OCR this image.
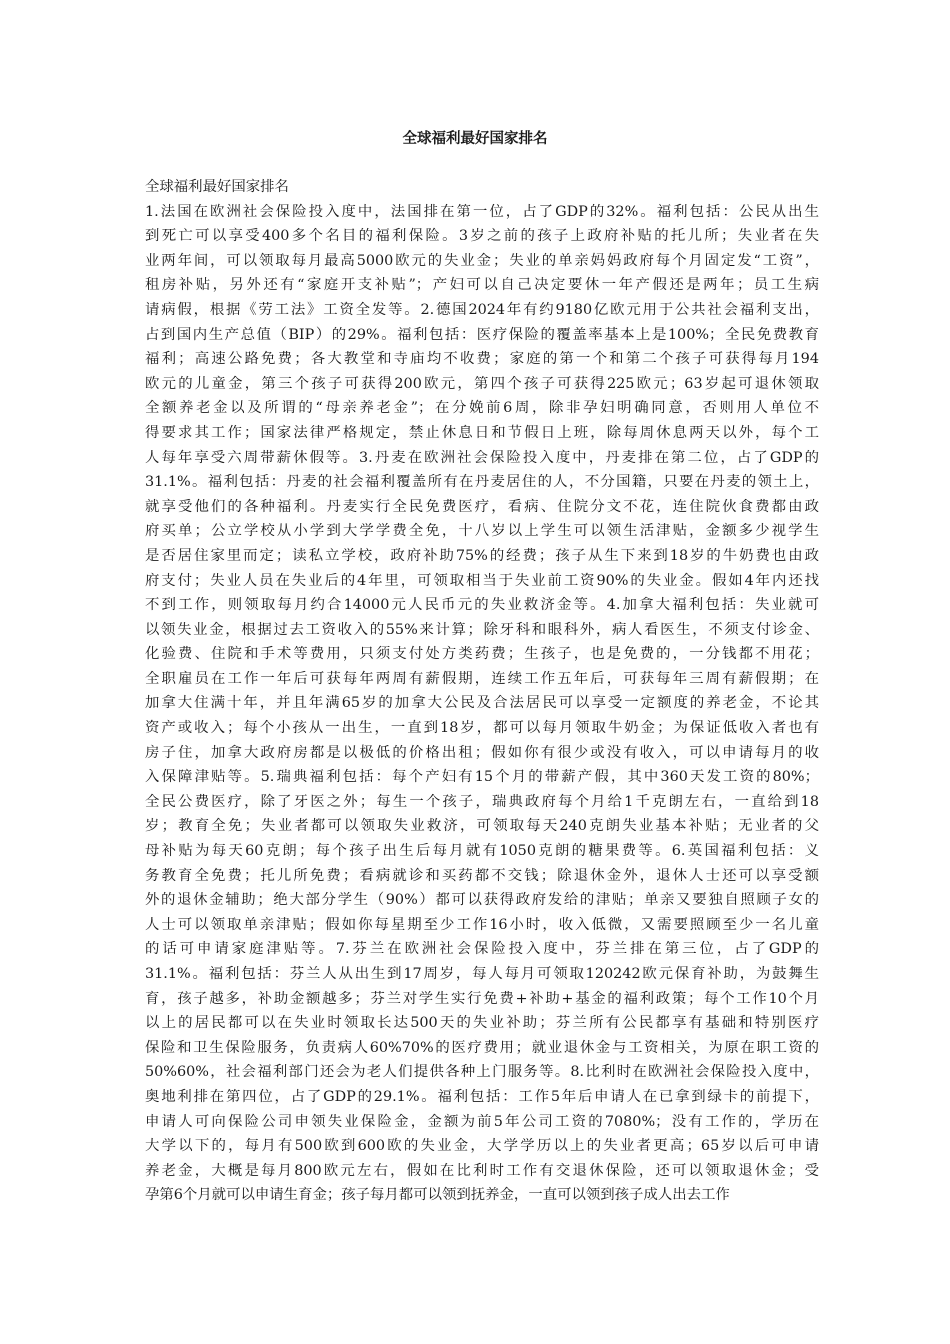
全球福利最好国家排名
全球福利最好国家排名
1.法国在欧洲社会保险投入度中，法国排在第一位，占了GDP的32%。福利包括：公民从出生
到死亡可以享受400多个名目的福利保险。3岁之前的孩子上政府补贴的托儿所；失业者在失
业两年间，可以领取每月最高5000欧元的失业金；失业的单亲妈妈政府每个月固定发“工资”，
租房补贴，另外还有“家庭开支补贴”；产妇可以自己决定要休一年产假还是两年；员工生病
请病假，根据《劳工法》工资全发等。2.德国2024年有约9180亿欧元用于公共社会福利支出，
占到国内生产总值（BIP）的29%。福利包括：医疗保险的覆盖率基本上是100%；全民免费教育
福利；高速公路免费；各大教堂和寺庙均不收费；家庭的第一个和第二个孩子可获得每月194
欧元的儿童金，第三个孩子可获得200欧元，第四个孩子可获得225欧元；63岁起可退休领取
全额养老金以及所谓的“母亲养老金”；在分娩前6周，除非孕妇明确同意，否则用人单位不
得要求其工作；国家法律严格规定，禁止休息日和节假日上班，除每周休息两天以外，每个工
人每年享受六周带薪休假等。3.丹麦在欧洲社会保险投入度中，丹麦排在第二位，占了GDP的
31.1%。福利包括：丹麦的社会福利覆盖所有在丹麦居住的人，不分国籍，只要在丹麦的领土上，
就享受他们的各种福利。丹麦实行全民免费医疗，看病、住院分文不花，连住院伙食费都由政
府买单；公立学校从小学到大学学费全免，十八岁以上学生可以领生活津贴，金额多少视学生
是否居住家里而定；读私立学校，政府补助75%的经费；孩子从生下来到18岁的牛奶费也由政
府支付；失业人员在失业后的4年里，可领取相当于失业前工资90%的失业金。假如4年内还找
不到工作，则领取每月约合14000元人民币元的失业救济金等。4.加拿大福利包括：失业就可
以领失业金，根据过去工资收入的55%来计算；除牙科和眼科外，病人看医生，不须支付诊金、
化验费、住院和手术等费用，只须支付处方类药费；生孩子，也是免费的，一分钱都不用花；
全职雇员在工作一年后可获每年两周有薪假期，连续工作五年后，可获每年三周有薪假期；在
加拿大住满十年，并且年满65岁的加拿大公民及合法居民可以享受一定额度的养老金，不论其
资产或收入；每个小孩从一出生，一直到18岁，都可以每月领取牛奶金；为保证低收入者也有
房子住，加拿大政府房都是以极低的价格出租；假如你有很少或没有收入，可以申请每月的收
入保障津贴等。5.瑞典福利包括：每个产妇有15个月的带薪产假，其中360天发工资的80%；
全民公费医疗，除了牙医之外；每生一个孩子，瑞典政府每个月给1千克朗左右，一直给到18
岁；教育全免；失业者都可以领取失业救济，可领取每天240克朗失业基本补贴；无业者的父
母补贴为每天60克朗；每个孩子出生后每月就有1050克朗的糖果费等。6.英国福利包括：义
务教育全免费；托儿所免费；看病就诊和买药都不交钱；除退休金外，退休人士还可以享受额
外的退休金辅助；绝大部分学生（90%）都可以获得政府发给的津贴；单亲又要独自照顾子女的
人士可以领取单亲津贴；假如你每星期至少工作16小时，收入低微，又需要照顾至少一名儿童
的话可申请家庭津贴等。7.芬兰在欧洲社会保险投入度中，芬兰排在第三位，占了GDP的
31.1%。福利包括：芬兰人从出生到17周岁，每人每月可领取120242欧元保育补助，为鼓舞生
育，孩子越多，补助金额越多；芬兰对学生实行免费+补助+基金的福利政策；每个工作10个月
以上的居民都可以在失业时领取长达500天的失业补助；芬兰所有公民都享有基础和特别医疗
保险和卫生保险服务，负责病人60%70%的医疗费用；就业退休金与工资相关，为原在职工资的
50%60%，社会福利部门还会为老人们提供各种上门服务等。8.比利时在欧洲社会保险投入度中，
奥地利排在第四位，占了GDP的29.1%。福利包括：工作5年后申请人在已拿到绿卡的前提下，
申请人可向保险公司申领失业保险金，金额为前5年公司工资的7080%；没有工作的，学历在
大学以下的，每月有500欧到600欧的失业金，大学学历以上的失业者更高；65岁以后可申请
养老金，大概是每月800欧元左右，假如在比利时工作有交退休保险，还可以领取退休金；受
孕第6个月就可以申请生育金；孩子每月都可以领到抚养金，一直可以领到孩子成人出去工作
